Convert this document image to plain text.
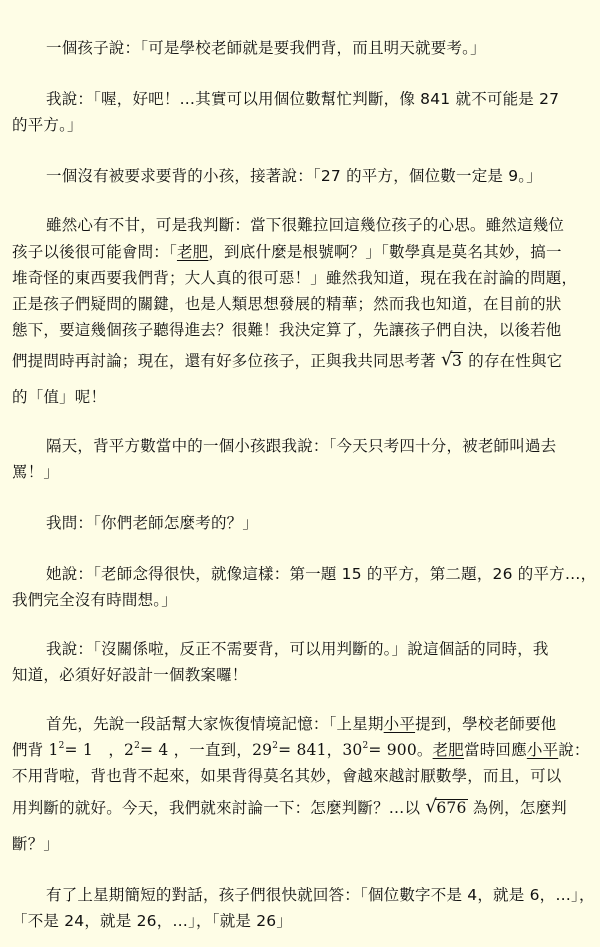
一個孩子說：「可是學校老師就是要我們背，而且明天就要考。」
我說：「喔，好吧！…其實可以用個位數幫忙判斷，像 841 就不可能是 27
的平方。」
一個沒有被要求要背的小孩，接著說：「27 的平方，個位數一定是 9。」
雖然心有不甘，可是我判斷：當下很難拉回這幾位孩子的心思。雖然這幾位
孩子以後很可能會問：「老肥，到底什麼是根號啊？」「數學真是莫名其妙，搞一
堆奇怪的東西要我們背；大人真的很可惡！」雖然我知道，現在我在討論的問題，
正是孩子們疑問的關鍵，也是人類思想發展的精華；然而我也知道，在目前的狀
態下，要這幾個孩子聽得進去？很難！我決定算了，先讓孩子們自決，以後若他
們提問時再討論；現在，還有好多位孩子，正與我共同思考著 √ 3 的存在性與它
的「值」呢！
隔天，背平方數當中的一個小孩跟我說：「今天只考四十分，被老師叫過去
罵！」
我問：「你們老師怎麼考的？」
她說：「老師念得很快，就像這樣：第一題 15 的平方，第二題，26 的平方…，
我們完全沒有時間想。」
我說：「沒關係啦，反正不需要背，可以用判斷的。」說這個話的同時，我
知道，必須好好設計一個教案囉！
首先，先說一段話幫大家恢復情境記憶：「上星期小平提到，學校老師要他
們背 $1^2= 1$   ，$2^2= 4$ ，一直到，$29^2= 841$，$30^2= 900$。老肥當時回應小平說：
不用背啦，背也背不起來，如果背得莫名其妙，會越來越討厭數學，而且，可以
用判斷的就好。今天，我們就來討論一下：怎麼判斷？…以 √ 676 為例，怎麼判
斷？」
有了上星期簡短的對話，孩子們很快就回答：「個位數字不是 4，就是 6，…」，
「不是 24，就是 26，…」，「就是 26」
